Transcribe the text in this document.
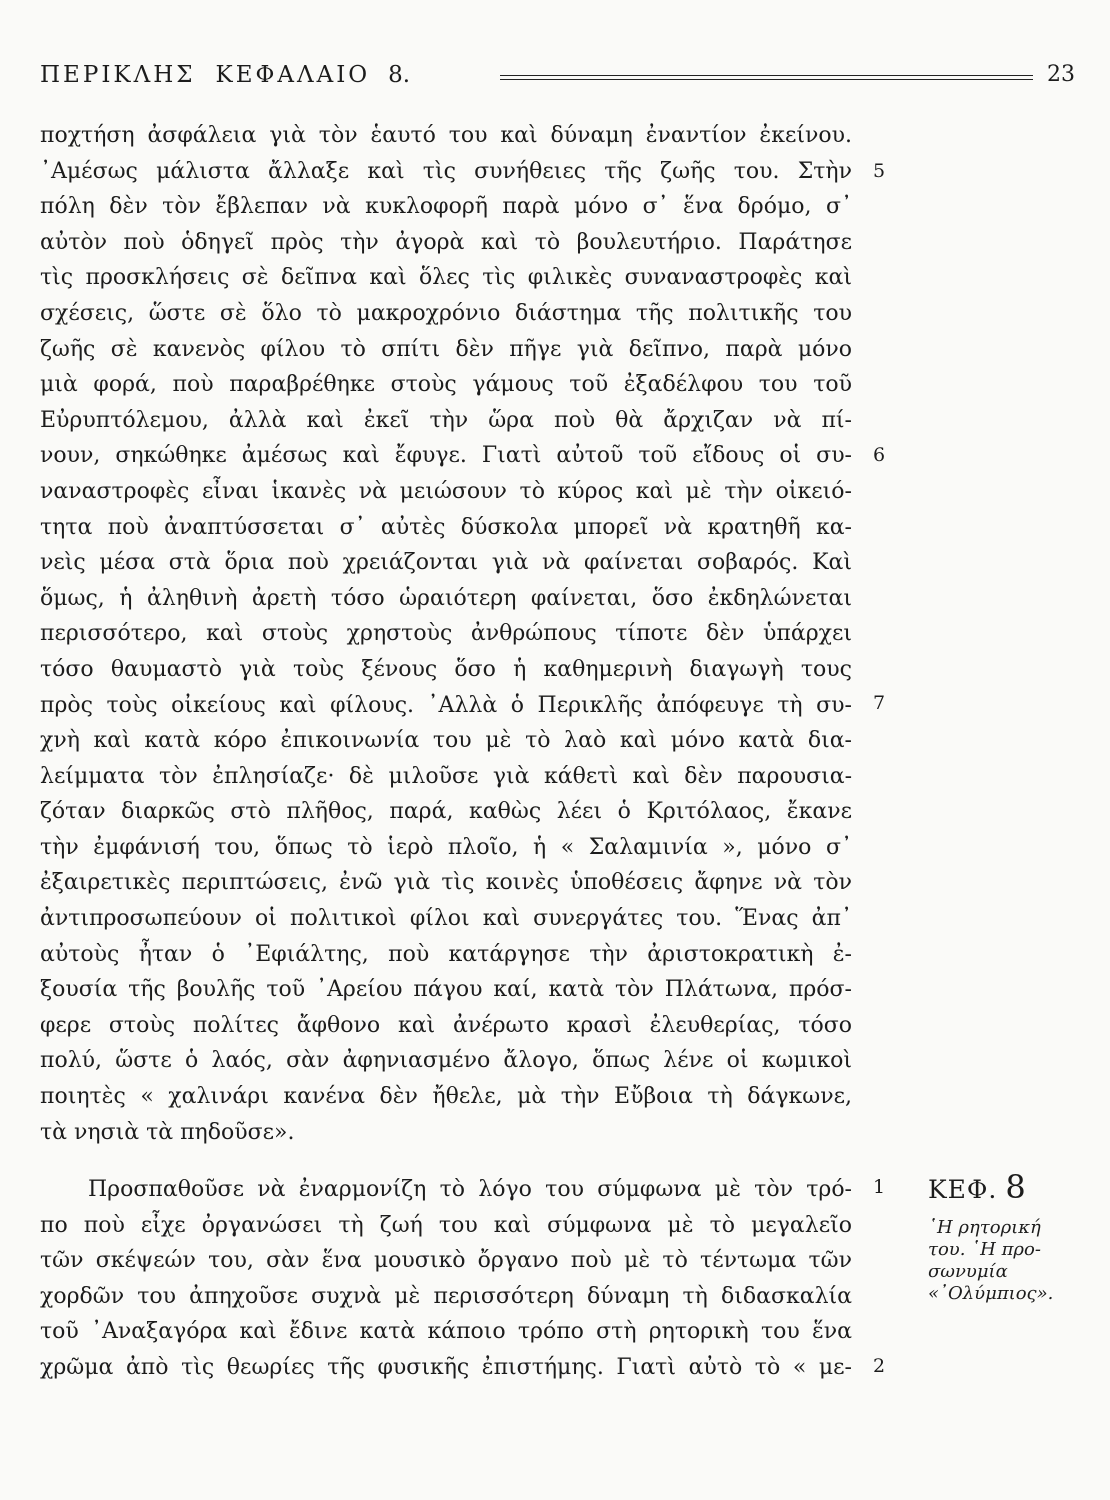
ΠΕΡΙΚΛΗΣ ΚΕΦΑΛΑΙΟ 8.	23
ποχτήση ἀσφάλεια γιὰ τὸν ἑαυτό του καὶ δύναμη ἐναντίον ἐκείνου.
᾿Αμέσως μάλιστα ἄλλαξε καὶ τὶς συνήθειες τῆς ζωῆς του. Στὴν
πόλη δὲν τὸν ἔβλεπαν νὰ κυκλοφορῆ παρὰ μόνο σ᾿ ἕνα δρόμο, σ᾿
αὐτὸν ποὺ ὁδηγεῖ πρὸς τὴν ἀγορὰ καὶ τὸ βουλευτήριο. Παράτησε
τὶς προσκλήσεις σὲ δεῖπνα καὶ ὅλες τὶς φιλικὲς συναναστροφὲς καὶ
σχέσεις, ὥστε σὲ ὅλο τὸ μακροχρόνιο διάστημα τῆς πολιτικῆς του
ζωῆς σὲ κανενὸς φίλου τὸ σπίτι δὲν πῆγε γιὰ δεῖπνο, παρὰ μόνο
μιὰ φορά, ποὺ παραβρέθηκε στοὺς γάμους τοῦ ἐξαδέλφου του τοῦ
Εὐρυπτόλεμου, ἀλλὰ καὶ ἐκεῖ τὴν ὥρα ποὺ θὰ ἄρχιζαν νὰ πί-
νουν, σηκώθηκε ἀμέσως καὶ ἔφυγε. Γιατὶ αὐτοῦ τοῦ εἴδους οἱ συ-
ναναστροφὲς εἶναι ἱκανὲς νὰ μειώσουν τὸ κύρος καὶ μὲ τὴν οἰκειό-
τητα ποὺ ἀναπτύσσεται σ᾿ αὐτὲς δύσκολα μπορεῖ νὰ κρατηθῆ κα-
νεὶς μέσα στὰ ὅρια ποὺ χρειάζονται γιὰ νὰ φαίνεται σοβαρός. Καὶ
ὅμως, ἡ ἀληθινὴ ἀρετὴ τόσο ὡραιότερη φαίνεται, ὅσο ἐκδηλώνεται
περισσότερο, καὶ στοὺς χρηστοὺς ἀνθρώπους τίποτε δὲν ὑπάρχει
τόσο θαυμαστὸ γιὰ τοὺς ξένους ὅσο ἡ καθημερινὴ διαγωγὴ τους
πρὸς τοὺς οἰκείους καὶ φίλους. ᾿Αλλὰ ὁ Περικλῆς ἀπόφευγε τὴ συ-
χνὴ καὶ κατὰ κόρο ἐπικοινωνία του μὲ τὸ λαὸ καὶ μόνο κατὰ δια-
λείμματα τὸν ἐπλησίαζε· δὲ μιλοῦσε γιὰ κάθετὶ καὶ δὲν παρουσια-
ζόταν διαρκῶς στὸ πλῆθος, παρά, καθὼς λέει ὁ Κριτόλαος, ἔκανε
τὴν ἐμφάνισή του, ὅπως τὸ ἱερὸ πλοῖο, ἡ « Σαλαμινία », μόνο σ᾿
ἐξαιρετικὲς περιπτώσεις, ἐνῶ γιὰ τὶς κοινὲς ὑποθέσεις ἄφηνε νὰ τὸν
ἀντιπροσωπεύουν οἱ πολιτικοὶ φίλοι καὶ συνεργάτες του. Ἕνας ἀπ᾿
αὐτοὺς ἦταν ὁ ᾿Εφιάλτης, ποὺ κατάργησε τὴν ἀριστοκρατικὴ ἐ-
ξουσία τῆς βουλῆς τοῦ ᾿Αρείου πάγου καί, κατὰ τὸν Πλάτωνα, πρόσ-
φερε στοὺς πολίτες ἄφθονο καὶ ἀνέρωτο κρασὶ ἐλευθερίας, τόσο
πολύ, ὥστε ὁ λαός, σὰν ἀφηνιασμένο ἄλογο, ὅπως λένε οἱ κωμικοὶ
ποιητὲς « χαλινάρι κανένα δὲν ἤθελε, μὰ τὴν Εὔβοια τὴ δάγκωνε,
τὰ νησιὰ τὰ πηδοῦσε».
Προσπαθοῦσε νὰ ἐναρμονίζη τὸ λόγο του σύμφωνα μὲ τὸν τρό-
πο ποὺ εἶχε ὀργανώσει τὴ ζωή του καὶ σύμφωνα μὲ τὸ μεγαλεῖο
τῶν σκέψεών του, σὰν ἕνα μουσικὸ ὄργανο ποὺ μὲ τὸ τέντωμα τῶν
χορδῶν του ἀπηχοῦσε συχνὰ μὲ περισσότερη δύναμη τὴ διδασκαλία
τοῦ ᾿Αναξαγόρα καὶ ἔδινε κατὰ κάποιο τρόπο στὴ ρητορικὴ του ἕνα
χρῶμα ἀπὸ τὶς θεωρίες τῆς φυσικῆς ἐπιστήμης. Γιατὶ αὐτὸ τὸ « με-
5
6
7
1
2
ΚΕΦ. 8
῾Η ρητορική
του. ῾Η προ-
σωνυμία
«᾿Ολύμπιος».
